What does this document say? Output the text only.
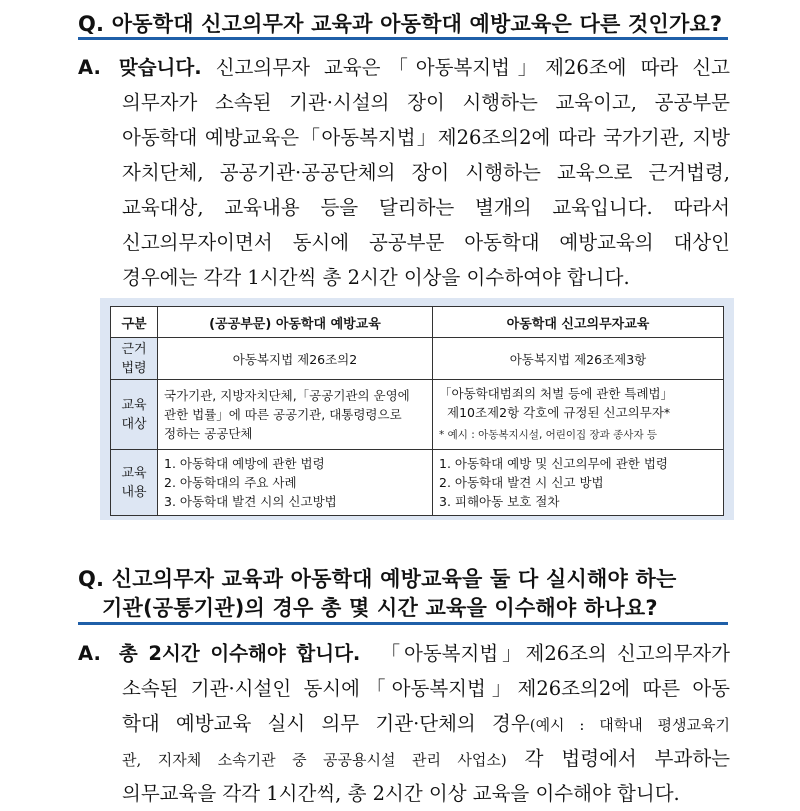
Q. 아동학대 신고의무자 교육과 아동학대 예방교육은 다른 것인가요?
A. 맞습니다. 신고의무자 교육은「아동복지법」제26조에 따라 신고
의무자가 소속된 기관·시설의 장이 시행하는 교육이고, 공공부문
아동학대 예방교육은「아동복지법」제26조의2에 따라 국가기관, 지방
자치단체, 공공기관·공공단체의 장이 시행하는 교육으로 근거법령,
교육대상, 교육내용 등을 달리하는 별개의 교육입니다. 따라서
신고의무자이면서 동시에 공공부문 아동학대 예방교육의 대상인
경우에는 각각 1시간씩 총 2시간 이상을 이수하여야 합니다.
구분	(공공부문) 아동학대 예방교육	아동학대 신고의무자교육

근거
법령	아동복지법 제26조의2	아동복지법 제26조제3항

교육
대상	국가기관, 지방자치단체,「공공기관의 운영에
관한 법률」에 따른 공공기관, 대통령령으로
정하는 공공단체	「아동학대범죄의 처벌 등에 관한 특례법」
제10조제2항 각호에 규정된 신고의무자*
* 예시 : 아동복지시설, 어린이집 장과 종사자 등

교육
내용	1. 아동학대 예방에 관한 법령
2. 아동학대의 주요 사례
3. 아동학대 발견 시의 신고방법	1. 아동학대 예방 및 신고의무에 관한 법령
2. 아동학대 발견 시 신고 방법
3. 피해아동 보호 절차
Q. 신고의무자 교육과 아동학대 예방교육을 둘 다 실시해야 하는
기관(공통기관)의 경우 총 몇 시간 교육을 이수해야 하나요?
A. 총 2시간 이수해야 합니다. 「아동복지법」제26조의 신고의무자가
소속된 기관·시설인 동시에「아동복지법」제26조의2에 따른 아동
학대 예방교육 실시 의무 기관·단체의 경우(예시 : 대학내 평생교육기
관, 지자체 소속기관 중 공공용시설 관리 사업소) 각 법령에서 부과하는
의무교육을 각각 1시간씩, 총 2시간 이상 교육을 이수해야 합니다.
